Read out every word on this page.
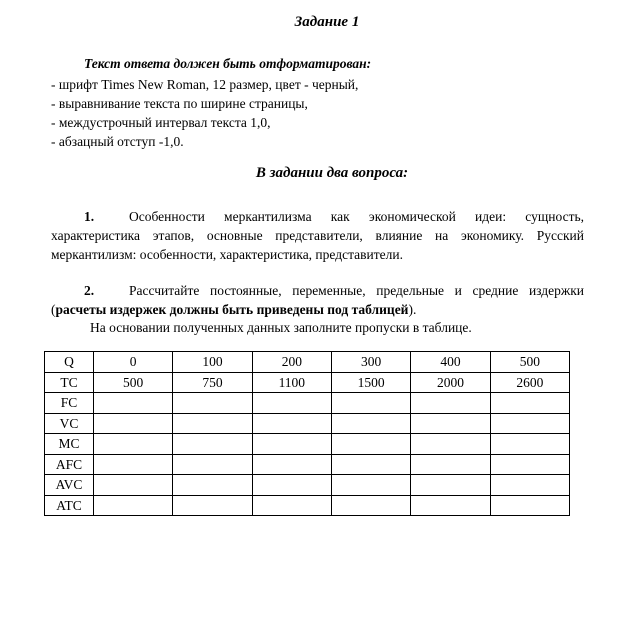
Задание 1
Текст ответа должен быть отформатирован:
- шрифт Times New Roman, 12 размер, цвет - черный,
- выравнивание текста по ширине страницы,
- междустрочный интервал текста 1,0,
- абзацный отступ -1,0.
В задании два вопроса:
1.	Особенности меркантилизма как экономической идеи: сущность, характеристика этапов, основные представители, влияние на экономику. Русский меркантилизм: особенности, характеристика, представители.
2.	Рассчитайте постоянные, переменные, предельные и средние издержки (расчеты издержек должны быть приведены под таблицей).
На основании полученных данных заполните пропуски в таблице.
Q	0	100	200	300	400	500
TC	500	750	1100	1500	2000	2600
FC						
VC						
MC						
AFC						
AVC						
ATC						
